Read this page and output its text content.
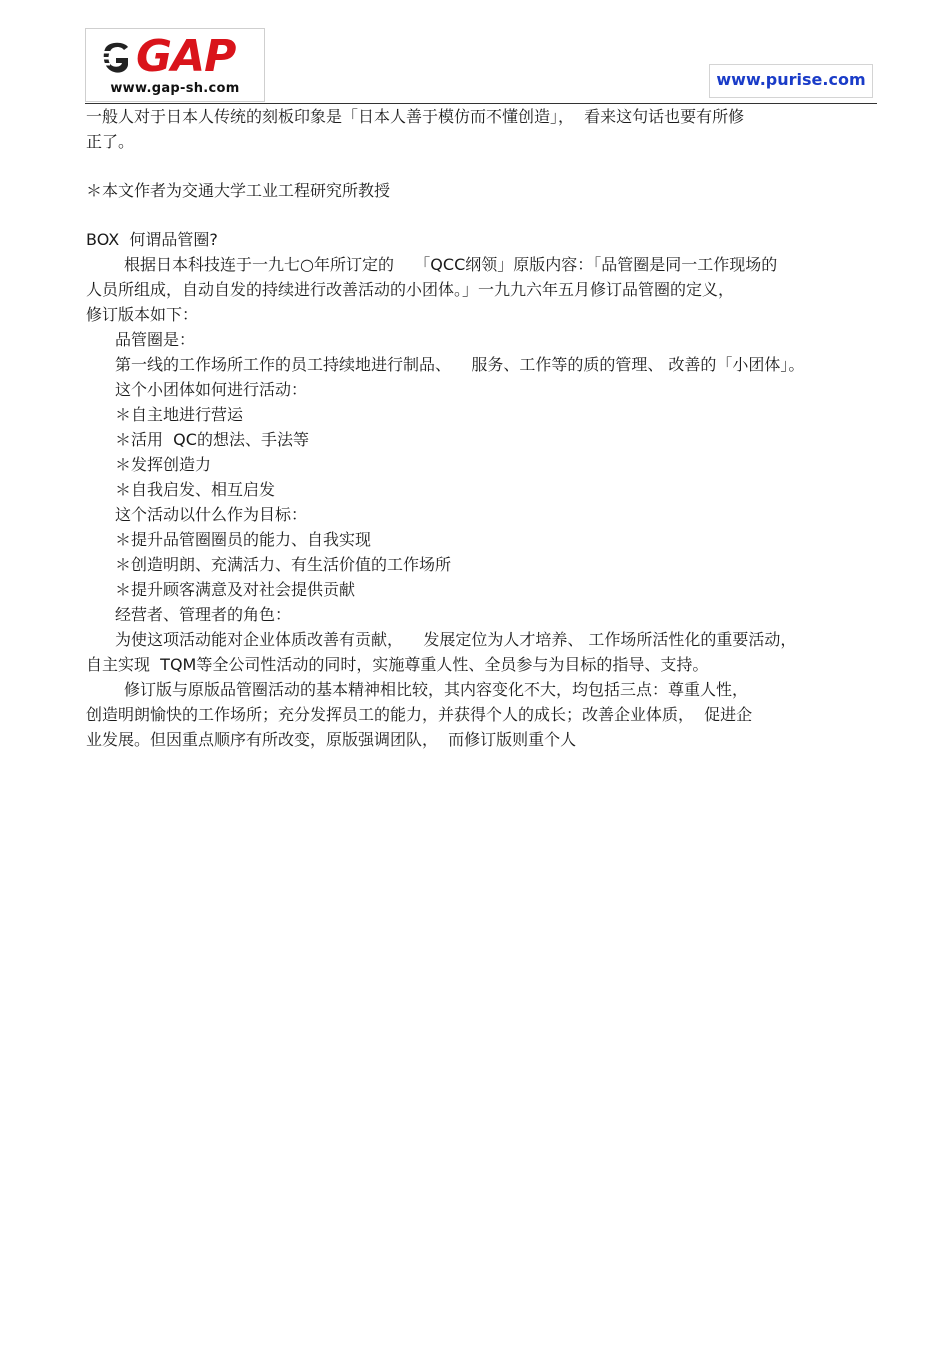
GAP
www.gap-sh.com	www.purise.com
一般人对于日本人传统的刻板印象是「日本人善于模仿而不懂创造」，  看来这句话也要有所修
正了。
＊本文作者为交通大学工业工程研究所教授
BOX  何谓品管圈?
根据日本科技连于一九七○年所订定的    「QCC纲领」原版内容：「品管圈是同一工作现场的
人员所组成，自动自发的持续进行改善活动的小团体。」一九九六年五月修订品管圈的定义，
修订版本如下：
品管圈是：
第一线的工作场所工作的员工持续地进行制品、    服务、工作等的质的管理、 改善的「小团体」。
这个小团体如何进行活动：
＊自主地进行营运
＊活用  QC的想法、手法等
＊发挥创造力
＊自我启发、相互启发
这个活动以什么作为目标：
＊提升品管圈圈员的能力、自我实现
＊创造明朗、充满活力、有生活价值的工作场所
＊提升顾客满意及对社会提供贡献
经营者、管理者的角色：
为使这项活动能对企业体质改善有贡献，    发展定位为人才培养、 工作场所活性化的重要活动，
自主实现  TQM等全公司性活动的同时，实施尊重人性、全员参与为目标的指导、支持。
修订版与原版品管圈活动的基本精神相比较，其内容变化不大，均包括三点：尊重人性，
创造明朗愉快的工作场所；充分发挥员工的能力，并获得个人的成长；改善企业体质，  促进企
业发展。但因重点顺序有所改变，原版强调团队，  而修订版则重个人
